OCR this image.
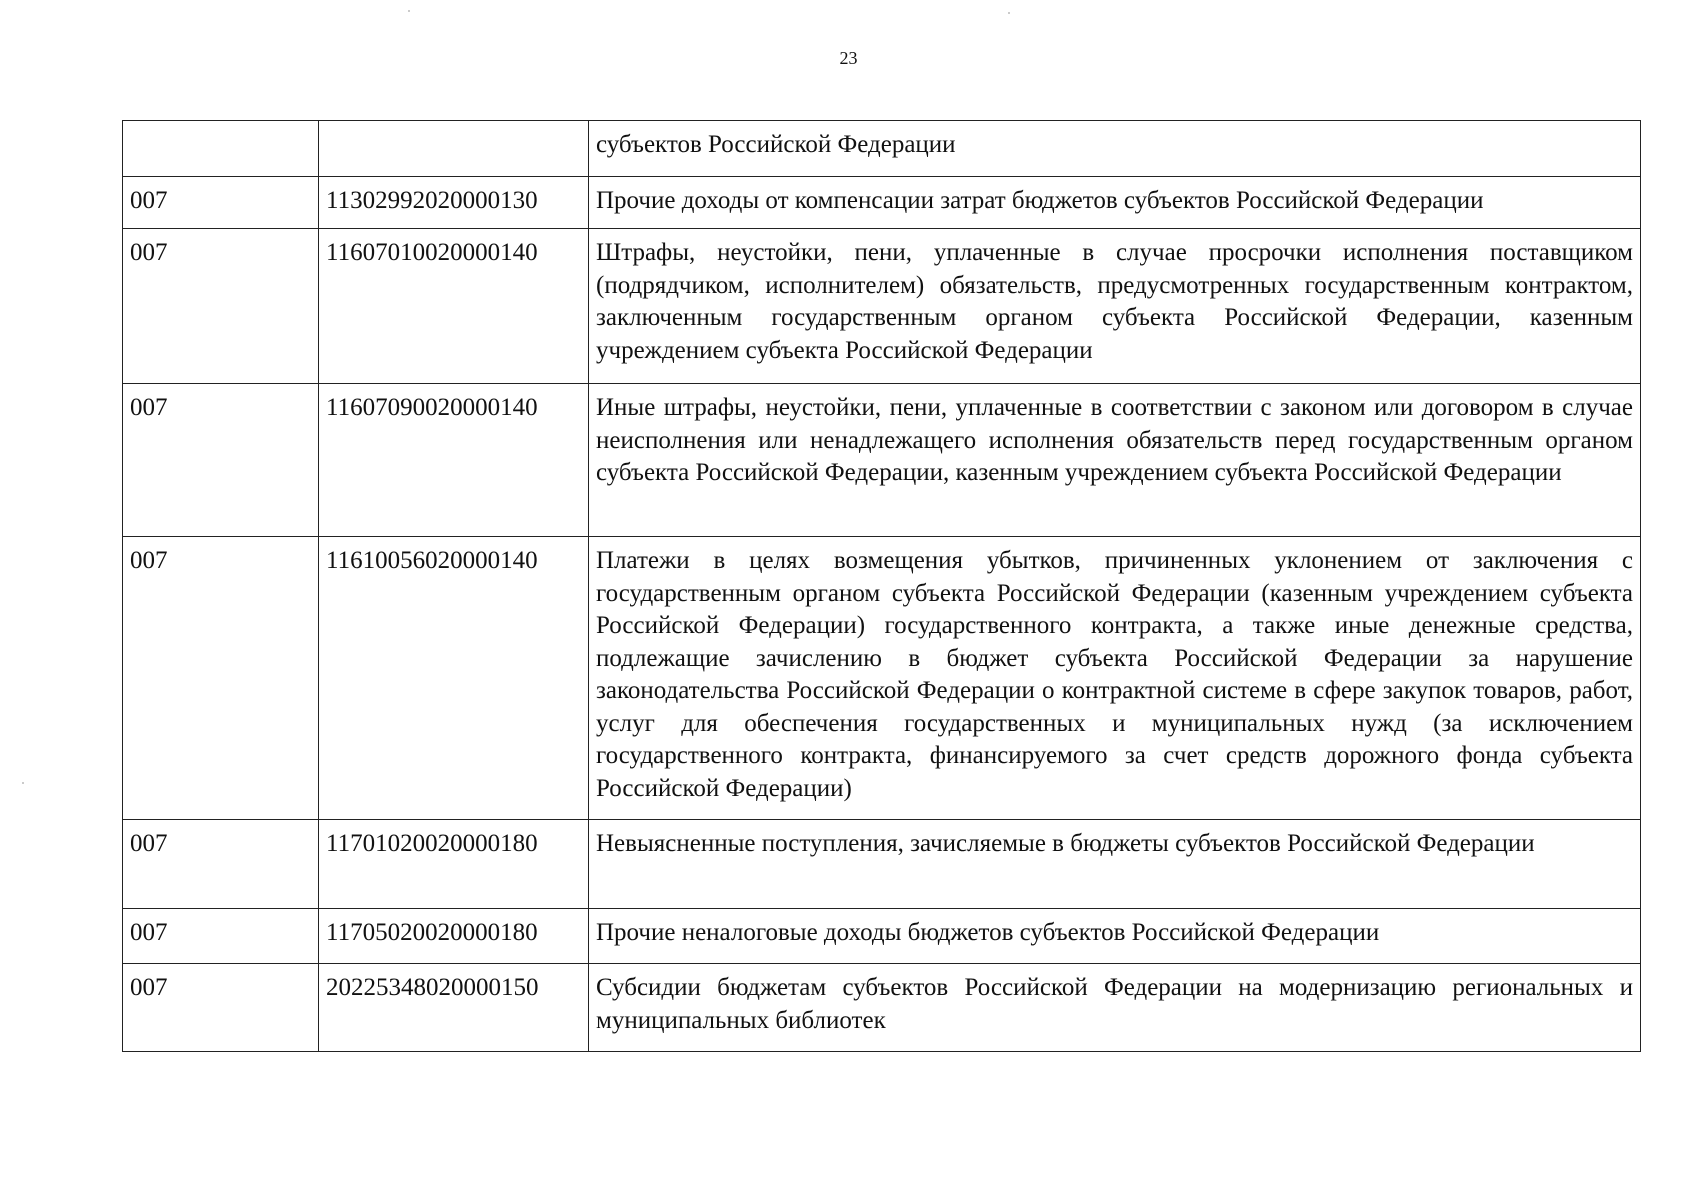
23
		субъектов Российской Федерации
007	11302992020000130	Прочие доходы от компенсации затрат бюджетов субъектов Российской Федерации
007	11607010020000140	Штрафы, неустойки, пени, уплаченные в случае просрочки исполнения поставщиком (подрядчиком, исполнителем) обязательств, предусмотренных государственным контрактом, заключенным государственным органом субъекта Российской Федерации, казенным учреждением субъекта Российской Федерации
007	11607090020000140	Иные штрафы, неустойки, пени, уплаченные в соответствии с законом или договором в случае неисполнения или ненадлежащего исполнения обязательств перед государственным органом субъекта Российской Федерации, казенным учреждением субъекта Российской Федерации
007	11610056020000140	Платежи в целях возмещения убытков, причиненных уклонением от заключения с государственным органом субъекта Российской Федерации (казенным учреждением субъекта Российской Федерации) государственного контракта, а также иные денежные средства, подлежащие зачислению в бюджет субъекта Российской Федерации за нарушение законодательства Российской Федерации о контрактной системе в сфере закупок товаров, работ, услуг для обеспечения государственных и муниципальных нужд (за исключением государственного контракта, финансируемого за счет средств дорожного фонда субъекта Российской Федерации)
007	11701020020000180	Невыясненные поступления, зачисляемые в бюджеты субъектов Российской Федерации
007	11705020020000180	Прочие неналоговые доходы бюджетов субъектов Российской Федерации
007	20225348020000150	Субсидии бюджетам субъектов Российской Федерации на модернизацию региональных и муниципальных библиотек
